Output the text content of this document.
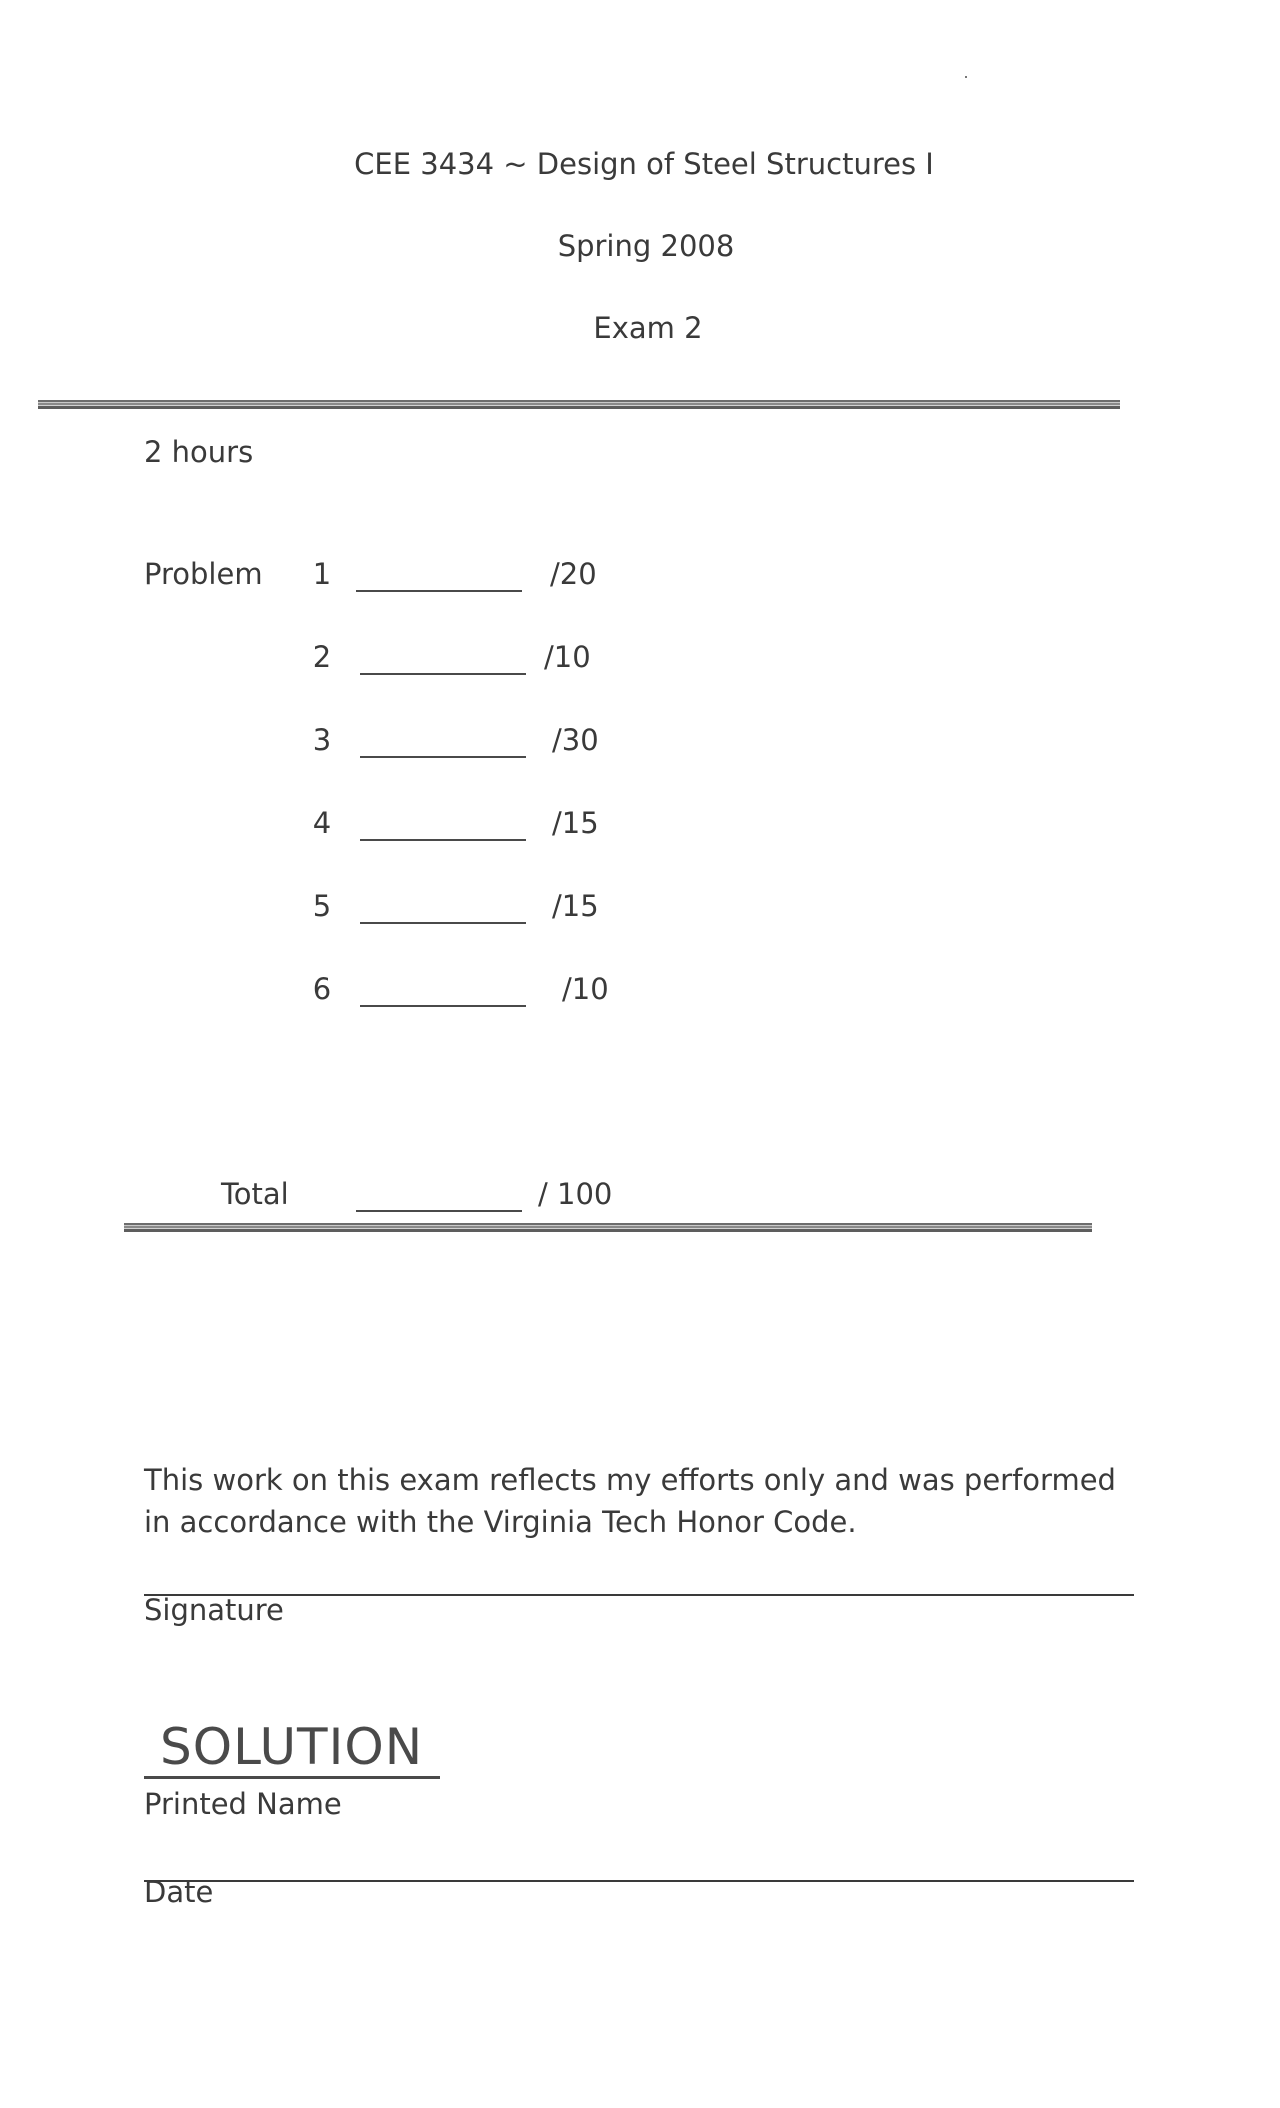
CEE 3434 ~ Design of Steel Structures I
Spring 2008
Exam 2
2 hours
Problem 1	/20
2	/10
3	/30
4	/15
5	/15
6	/10
Total	/ 100
This work on this exam reflects my efforts only and was performed in accordance with the Virginia Tech Honor Code.
Signature
SOLUTION
Printed Name
Date
